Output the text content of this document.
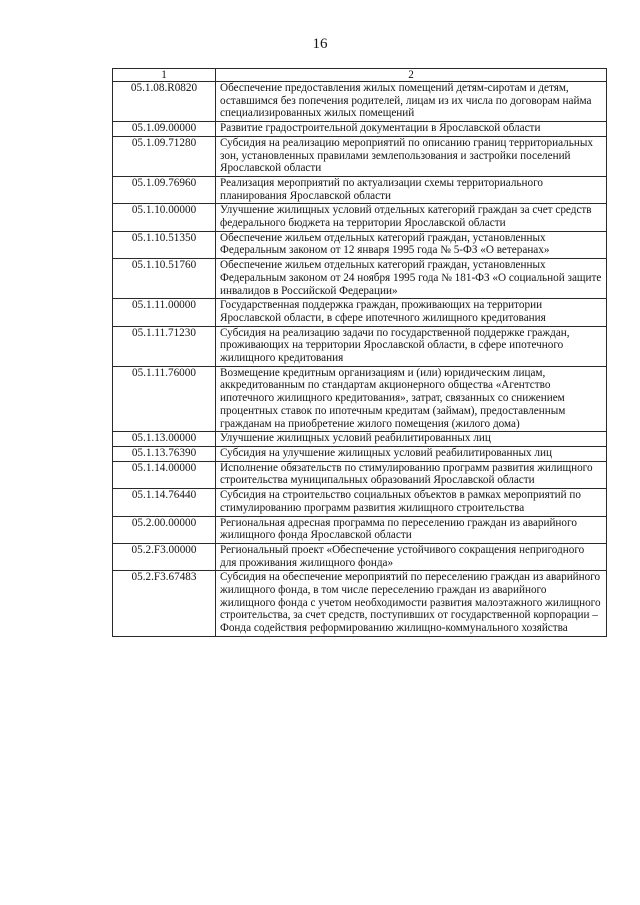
16
1	2
05.1.08.R0820	Обеспечение предоставления жилых помещений детям-сиротам и детям, оставшимся без попечения родителей, лицам из их числа по договорам найма специализированных жилых помещений
05.1.09.00000	Развитие градостроительной документации в Ярославской области
05.1.09.71280	Субсидия на реализацию мероприятий по описанию границ территориальных зон, установленных правилами землепользования и застройки поселений Ярославской области
05.1.09.76960	Реализация мероприятий по актуализации схемы территориального планирования Ярославской области
05.1.10.00000	Улучшение жилищных условий отдельных категорий граждан за счет средств федерального бюджета на территории Ярославской области
05.1.10.51350	Обеспечение жильем отдельных категорий граждан, установленных Федеральным законом от 12 января 1995 года № 5-ФЗ «О ветеранах»
05.1.10.51760	Обеспечение жильем отдельных категорий граждан, установленных Федеральным законом от 24 ноября 1995 года № 181-ФЗ «О социальной защите инвалидов в Российской Федерации»
05.1.11.00000	Государственная поддержка граждан, проживающих на территории Ярославской области, в сфере ипотечного жилищного кредитования
05.1.11.71230	Субсидия на реализацию задачи по государственной поддержке граждан, проживающих на территории Ярославской области, в сфере ипотечного жилищного кредитования
05.1.11.76000	Возмещение кредитным организациям и (или) юридическим лицам, аккредитованным по стандартам акционерного общества «Агентство ипотечного жилищного кредитования», затрат, связанных со снижением процентных ставок по ипотечным кредитам (займам), предоставленным гражданам на приобретение жилого помещения (жилого дома)
05.1.13.00000	Улучшение жилищных условий реабилитированных лиц
05.1.13.76390	Субсидия на улучшение жилищных условий реабилитированных лиц
05.1.14.00000	Исполнение обязательств по стимулированию программ развития жилищного строительства муниципальных образований Ярославской области
05.1.14.76440	Субсидия на строительство социальных объектов в рамках мероприятий по стимулированию программ развития жилищного строительства
05.2.00.00000	Региональная адресная программа по переселению граждан из аварийного жилищного фонда Ярославской области
05.2.F3.00000	Региональный проект «Обеспечение устойчивого сокращения непригодного для проживания жилищного фонда»
05.2.F3.67483	Субсидия на обеспечение мероприятий по переселению граждан из аварийного жилищного фонда, в том числе переселению граждан из аварийного жилищного фонда с учетом необходимости развития малоэтажного жилищного строительства, за счет средств, поступивших от государственной корпорации – Фонда содействия реформированию жилищно-коммунального хозяйства
